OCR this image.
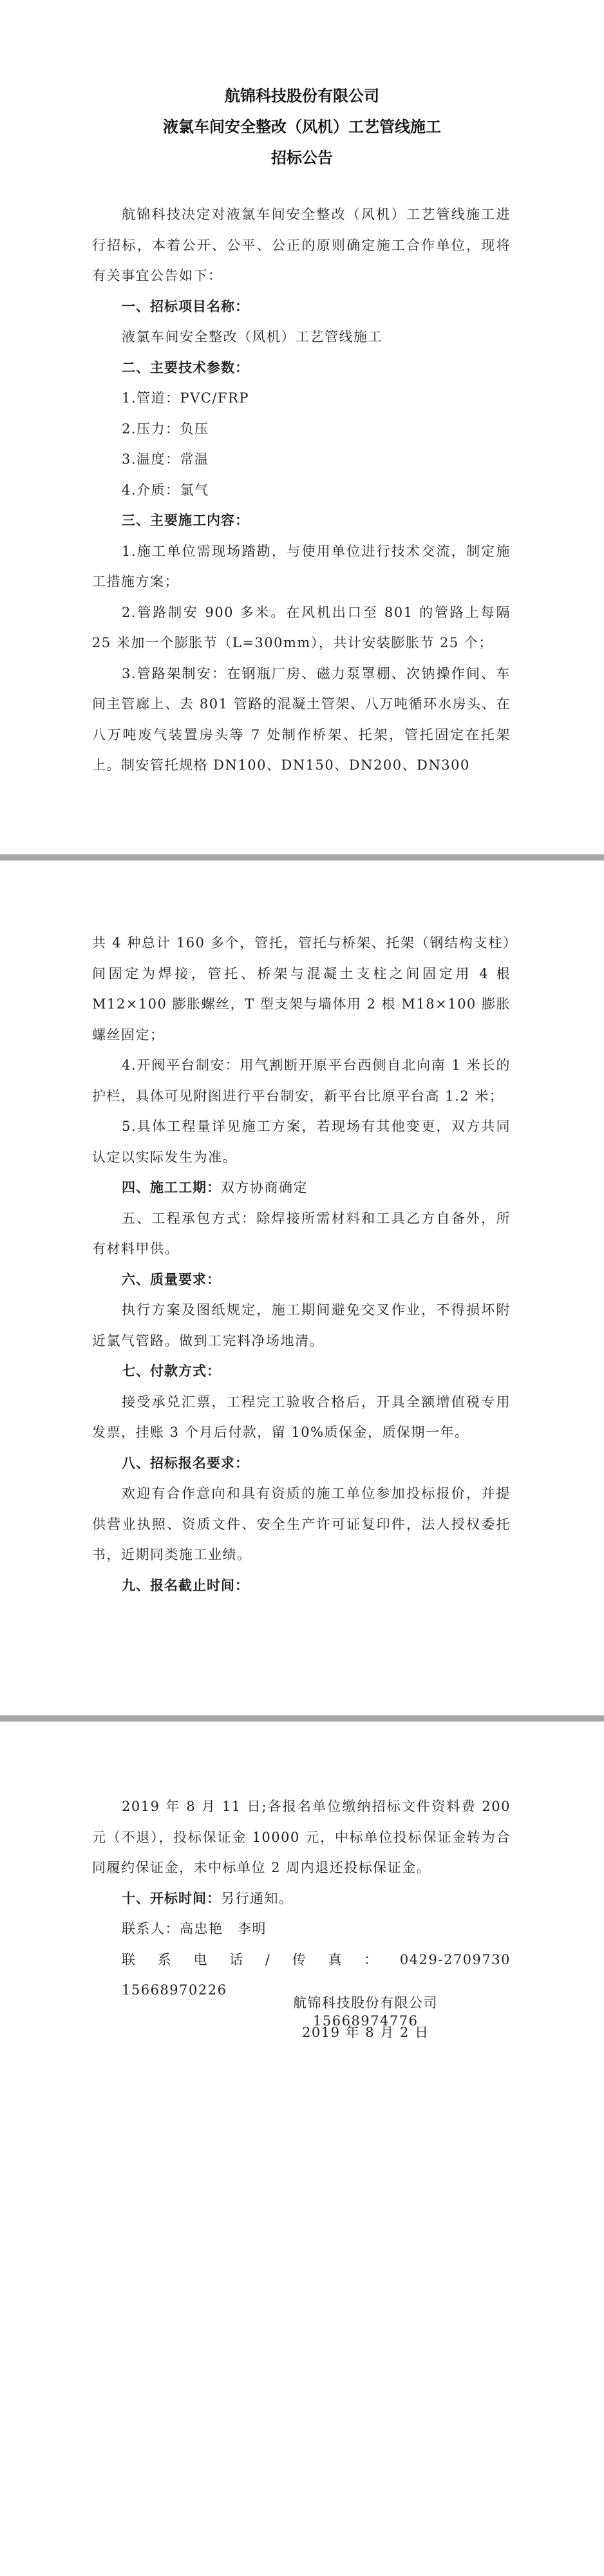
航锦科技股份有限公司
液氯车间安全整改（风机）工艺管线施工
招标公告

航锦科技决定对液氯车间安全整改（风机）工艺管线施工进行招标，本着公开、公平、公正的原则确定施工合作单位，现将有关事宜公告如下：

一、招标项目名称：

液氯车间安全整改（风机）工艺管线施工

二、主要技术参数：

1.管道：PVC/FRP

2.压力：负压

3.温度：常温

4.介质：氯气

三、主要施工内容：

1.施工单位需现场踏勘，与使用单位进行技术交流，制定施工措施方案；

2.管路制安 900 多米。在风机出口至 801 的管路上每隔 25 米加一个膨胀节（L=300mm），共计安装膨胀节 25 个；

3.管路架制安：在钢瓶厂房、磁力泵罩棚、次钠操作间、车间主管廊上、去 801 管路的混凝土管架、八万吨循环水房头、在八万吨废气装置房头等 7 处制作桥架、托架，管托固定在托架上。制安管托规格 DN100、DN150、DN200、DN300

共 4 种总计 160 多个，管托，管托与桥架、托架（钢结构支柱）间固定为焊接，管托、桥架与混凝土支柱之间固定用 4 根 M12×100 膨胀螺丝，T 型支架与墙体用 2 根 M18×100 膨胀螺丝固定；

4.开阀平台制安：用气割断开原平台西侧自北向南 1 米长的护栏，具体可见附图进行平台制安，新平台比原平台高 1.2 米；

5.具体工程量详见施工方案，若现场有其他变更，双方共同认定以实际发生为准。

四、施工工期：双方协商确定

五、工程承包方式：除焊接所需材料和工具乙方自备外，所有材料甲供。

六、质量要求：

执行方案及图纸规定，施工期间避免交叉作业，不得损坏附近氯气管路。做到工完料净场地清。

七、付款方式：

接受承兑汇票，工程完工验收合格后，开具全额增值税专用发票，挂账 3 个月后付款，留 10%质保金，质保期一年。

八、招标报名要求：

欢迎有合作意向和具有资质的施工单位参加投标报价，并提供营业执照、资质文件、安全生产许可证复印件，法人授权委托书，近期同类施工业绩。

九、报名截止时间：

2019 年 8 月 11 日;各报名单位缴纳招标文件资料费 200 元（不退），投标保证金 10000 元，中标单位投标保证金转为合同履约保证金，未中标单位 2 周内退还投标保证金。

十、开标时间：另行通知。

联系人：高忠艳　李明

联系电话/传真：0429-2709730　15668970226

15668974776

航锦科技股份有限公司
2019 年 8 月 2 日
